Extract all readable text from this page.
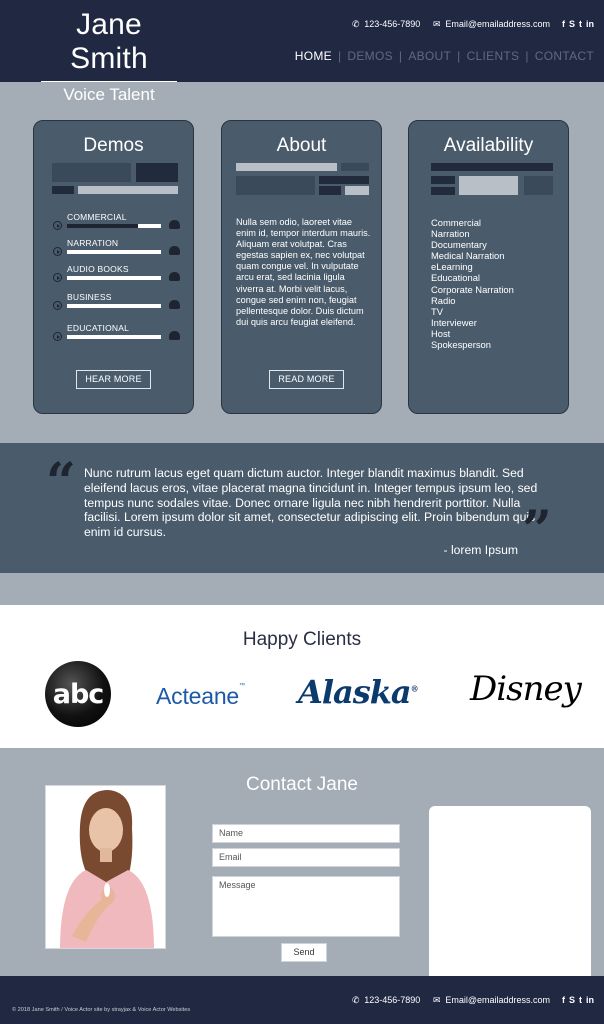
Jane Smith
Voice Talent
✆ 123-456-7890 ✉ Email@emailaddress.com f S t in
HOME | DEMOS | ABOUT | CLIENTS | CONTACT
Demos
COMMERCIAL
NARRATION
AUDIO BOOKS
BUSINESS
EDUCATIONAL
HEAR MORE
About
Nulla sem odio, laoreet vitae enim id, tempor interdum mauris. Aliquam erat volutpat. Cras egestas sapien ex, nec volutpat quam congue vel. In vulputate arcu erat, sed lacinia ligula viverra at. Morbi velit lacus, congue sed enim non, feugiat pellentesque dolor. Duis dictum dui quis arcu feugiat eleifend.
READ MORE
Availability
Commercial
Narration
Documentary
Medical Narration
eLearning
Educational
Corporate Narration
Radio
TV
Interviewer
Host
Spokesperson
“ Nunc rutrum lacus eget quam dictum auctor. Integer blandit maximus blandit. Sed eleifend lacus eros, vitae placerat magna tincidunt in. Integer tempus ipsum leo, sed tempus nunc sodales vitae. Donec ornare ligula nec nibh hendrerit porttitor. Nulla facilisi. Lorem ipsum dolor sit amet, consectetur adipiscing elit. Proin bibendum quis enim id cursus.	”
- lorem Ipsum
Happy Clients
abc Acteane™ Alaska® Disney
Contact Jane
Name
Email
Message
Send
© 2018 Jane Smith / Voice Actor site by strayjax & Voice Actor Websites
✆ 123-456-7890 ✉ Email@emailaddress.com f S t in
